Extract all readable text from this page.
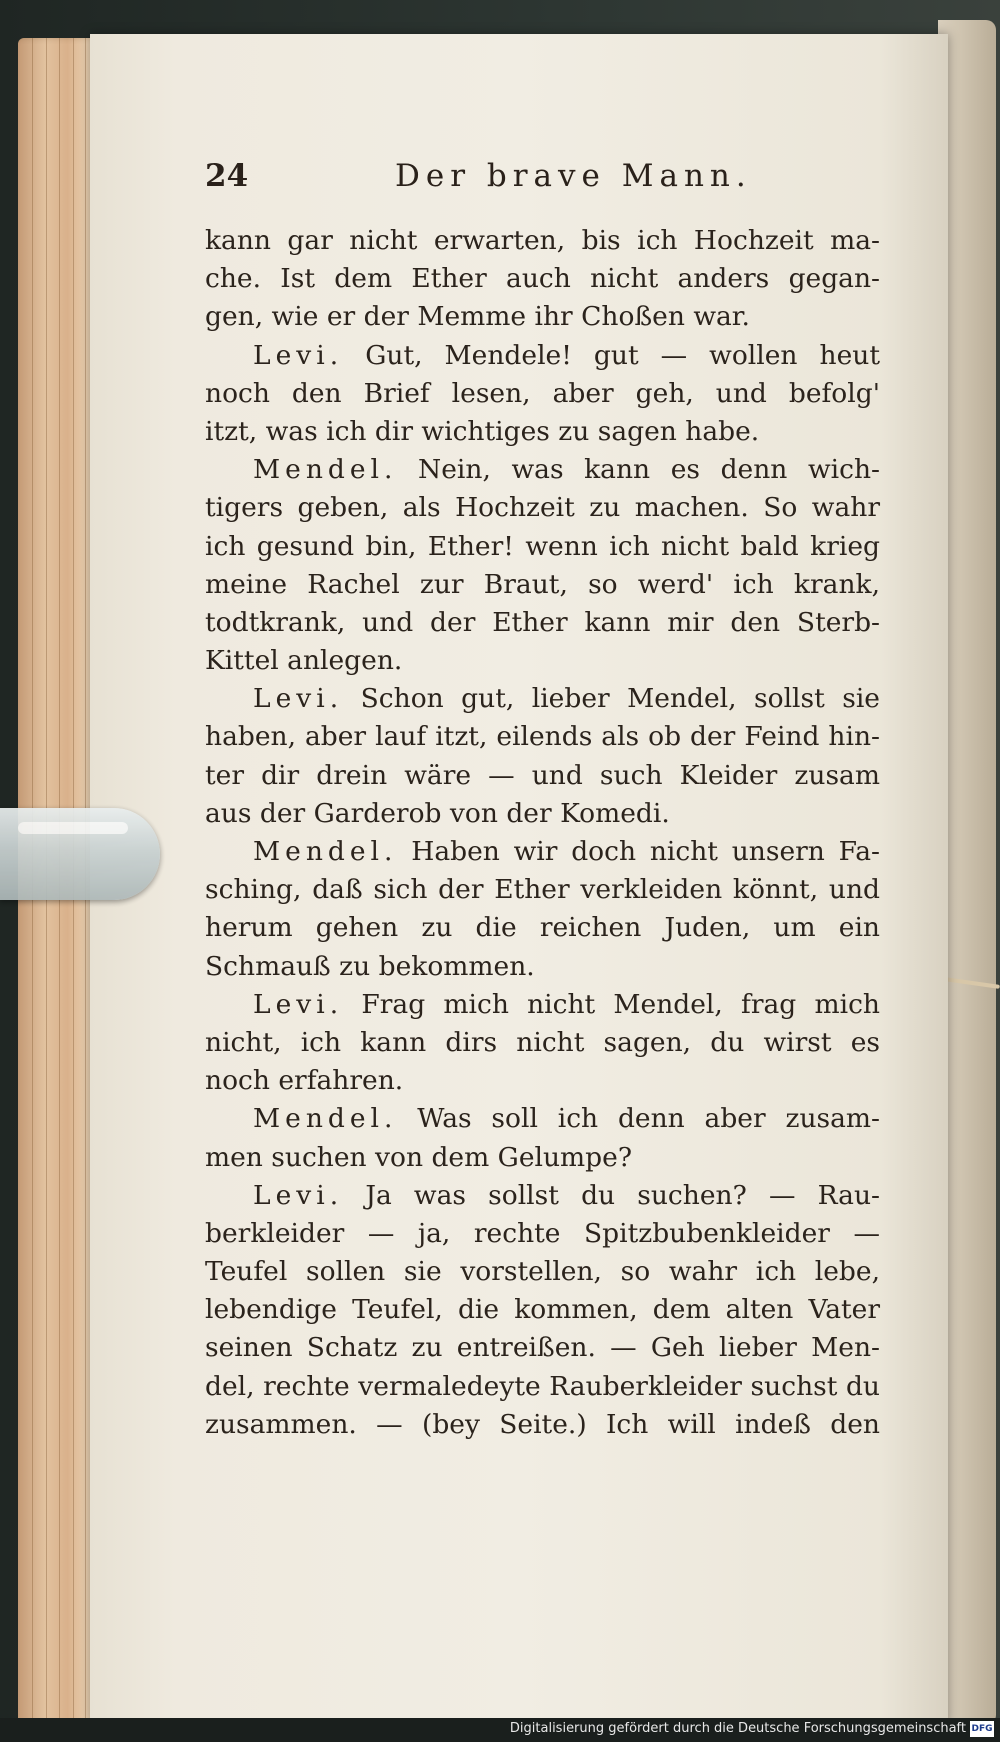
24	Der brave Mann.
kann gar nicht erwarten, bis ich Hochzeit ma-
che. Ist dem Ether auch nicht anders gegan-
gen, wie er der Memme ihr Choßen war.
Levi. Gut, Mendele! gut — wollen heut
noch den Brief lesen, aber geh, und befolg'
itzt, was ich dir wichtiges zu sagen habe.
Mendel. Nein, was kann es denn wich-
tigers geben, als Hochzeit zu machen. So wahr
ich gesund bin, Ether! wenn ich nicht bald krieg
meine Rachel zur Braut, so werd' ich krank,
todtkrank, und der Ether kann mir den Sterb-
Kittel anlegen.
Levi. Schon gut, lieber Mendel, sollst sie
haben, aber lauf itzt, eilends als ob der Feind hin-
ter dir drein wäre — und such Kleider zusam
aus der Garderob von der Komedi.
Mendel. Haben wir doch nicht unsern Fa-
sching, daß sich der Ether verkleiden könnt, und
herum gehen zu die reichen Juden, um ein
Schmauß zu bekommen.
Levi. Frag mich nicht Mendel, frag mich
nicht, ich kann dirs nicht sagen, du wirst es
noch erfahren.
Mendel. Was soll ich denn aber zusam-
men suchen von dem Gelumpe?
Levi. Ja was sollst du suchen? — Rau-
berkleider — ja, rechte Spitzbubenkleider —
Teufel sollen sie vorstellen, so wahr ich lebe,
lebendige Teufel, die kommen, dem alten Vater
seinen Schatz zu entreißen. — Geh lieber Men-
del, rechte vermaledeyte Rauberkleider suchst du
zusammen. — (bey Seite.) Ich will indeß den
Digitalisierung gefördert durch die Deutsche Forschungsgemeinschaft DFG
